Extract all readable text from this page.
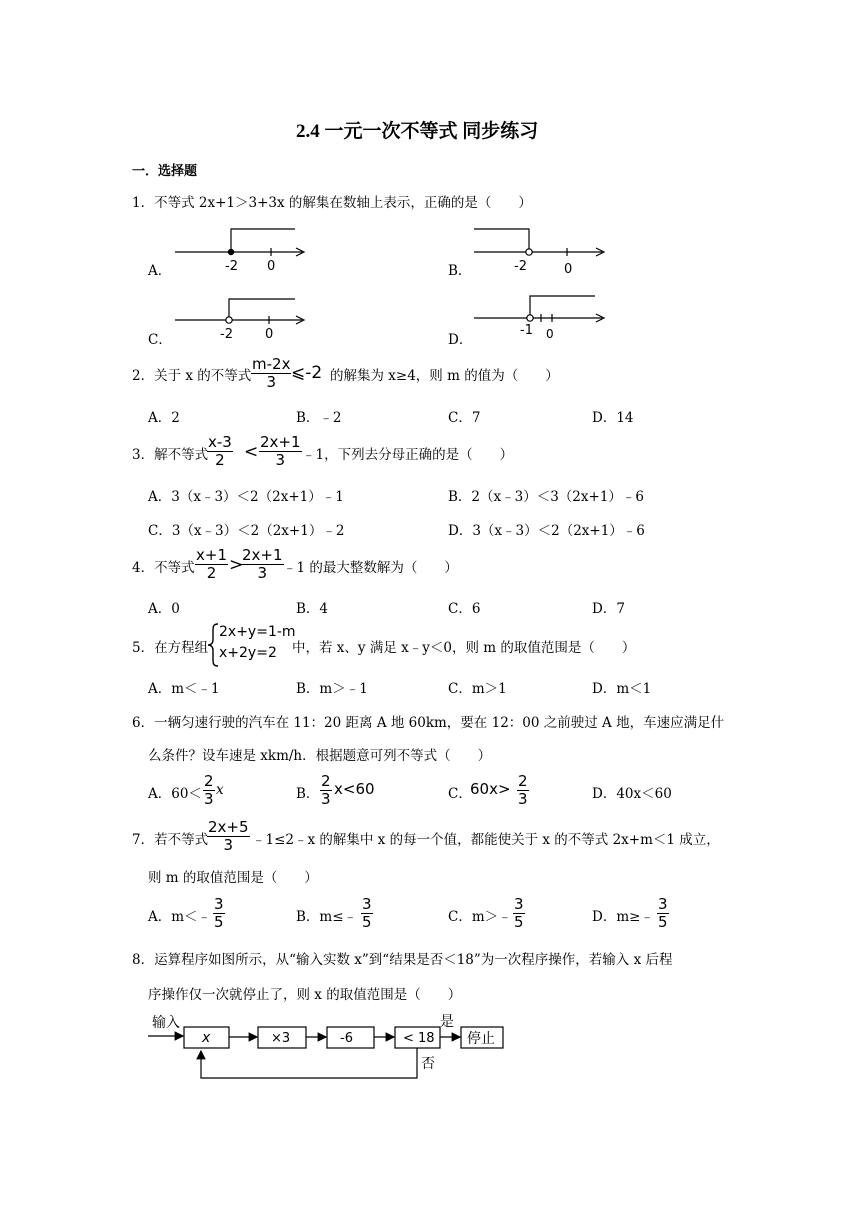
2.4 一元一次不等式 同步练习
一．选择题
1．不等式 2x+1＞3+3x 的解集在数轴上表示，正确的是（　　）
A．	-2 0	B．	-2	0
C．	-2 0	D．
-1 0
2．关于 x 的不等式 $\frac{m-2x}{3}$ ⩽-2 的解集为 x≥4，则 m 的值为（　　）
A．2	B．﹣2	C．7	D．14
3．解不等式
$\frac{x-3}{2} < \frac{2x+1}{3}$ ﹣1，下列去分母正确的是（　　）
A．3（x﹣3）＜2（2x+1）﹣1	B．2（x﹣3）＜3（2x+1）﹣6
C．3（x﹣3）＜2（2x+1）﹣2	D．3（x﹣3）＜2（2x+1）﹣6
4．不等式 $\frac{x+1}{2}$ >
$\frac{2x+1}{3}$ ﹣1 的最大整数解为（　　）
A．0	B．4	C．6	D．7
5．在方程组
2x+y=1-m
x+2y=2	中，若 x、y 满足 x﹣y＜0，则 m 的取值范围是（　　）
A．m＜﹣1	B．m＞﹣1	C．m＞1	D．m＜1
6．一辆匀速行驶的汽车在 11：20 距离 A 地 60km，要在 12：00 之前驶过 A 地，车速应满足什
么条件？设车速是 xkm/h．根据题意可列不等式（　　）
A．$60< \frac{2}{3}$ x	B． $\frac{2}{3} x<60$	C．
$60x> \frac{2}{3}$	D．40x＜60
7．若不等式
$\frac{2x+5}{3}$ ﹣1≤2﹣x 的解集中 x 的每一个值，都能使关于 x 的不等式 2x+m＜1 成立，
则 m 的取值范围是（　　）
A．m＜﹣ $\frac{3}{5}$	B．m≤﹣ $\frac{3}{5}$	C．m＞﹣ $\frac{3}{5}$	D．m≥﹣ $\frac{3}{5}$
8．运算程序如图所示，从“输入实数 x”到“结果是否＜18”为一次程序操作，若输入 x 后程
序操作仅一次就停止了，则 x 的取值范围是（　　）
输入
x	×3	-6	< 18
是
停止
否
